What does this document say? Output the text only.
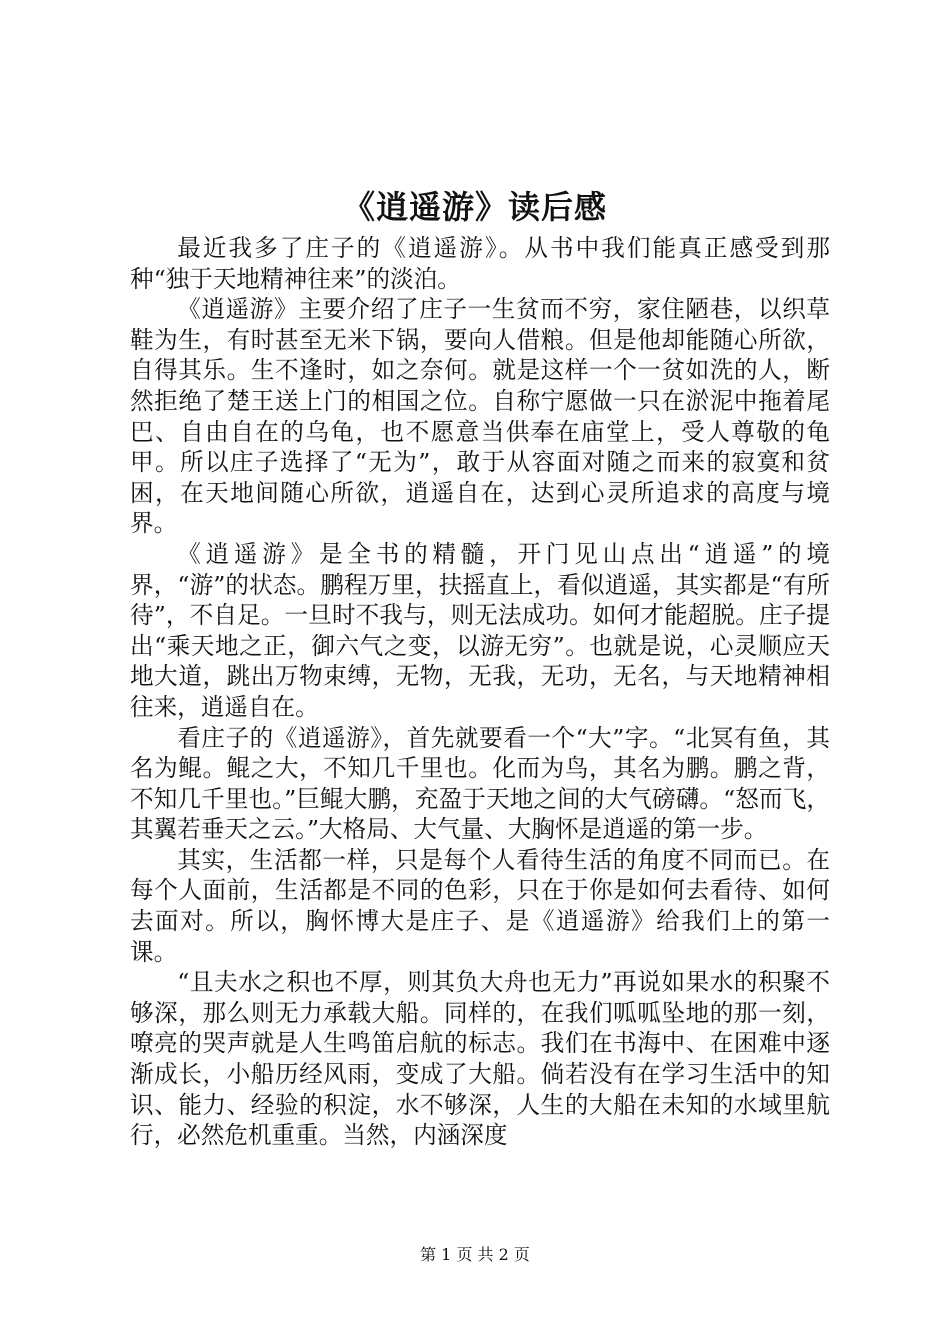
《逍遥游》读后感

最近我多了庄子的《逍遥游》。从书中我们能真正感受到那种“独于天地精神往来”的淡泊。

《逍遥游》主要介绍了庄子一生贫而不穷，家住陋巷，以织草鞋为生，有时甚至无米下锅，要向人借粮。但是他却能随心所欲，自得其乐。生不逢时，如之奈何。就是这样一个一贫如洗的人，断然拒绝了楚王送上门的相国之位。自称宁愿做一只在淤泥中拖着尾巴、自由自在的乌龟，也不愿意当供奉在庙堂上，受人尊敬的龟甲。所以庄子选择了“无为”，敢于从容面对随之而来的寂寞和贫困，在天地间随心所欲，逍遥自在，达到心灵所追求的高度与境界。

《逍遥游》是全书的精髓，开门见山点出“逍遥”的境界，“游”的状态。鹏程万里，扶摇直上，看似逍遥，其实都是“有所待”，不自足。一旦时不我与，则无法成功。如何才能超脱。庄子提出“乘天地之正，御六气之变，以游无穷”。也就是说，心灵顺应天地大道，跳出万物束缚，无物，无我，无功，无名，与天地精神相往来，逍遥自在。

看庄子的《逍遥游》，首先就要看一个“大”字。“北冥有鱼，其名为鲲。鲲之大，不知几千里也。化而为鸟，其名为鹏。鹏之背，不知几千里也。”巨鲲大鹏，充盈于天地之间的大气磅礴。“怒而飞，其翼若垂天之云。”大格局、大气量、大胸怀是逍遥的第一步。

其实，生活都一样，只是每个人看待生活的角度不同而已。在每个人面前，生活都是不同的色彩，只在于你是如何去看待、如何去面对。所以，胸怀博大是庄子、是《逍遥游》给我们上的第一课。

“且夫水之积也不厚，则其负大舟也无力”再说如果水的积聚不够深，那么则无力承载大船。同样的，在我们呱呱坠地的那一刻，嘹亮的哭声就是人生鸣笛启航的标志。我们在书海中、在困难中逐渐成长，小船历经风雨，变成了大船。倘若没有在学习生活中的知识、能力、经验的积淀，水不够深，人生的大船在未知的水域里航行，必然危机重重。当然，内涵深度

第 1 页 共 2 页
